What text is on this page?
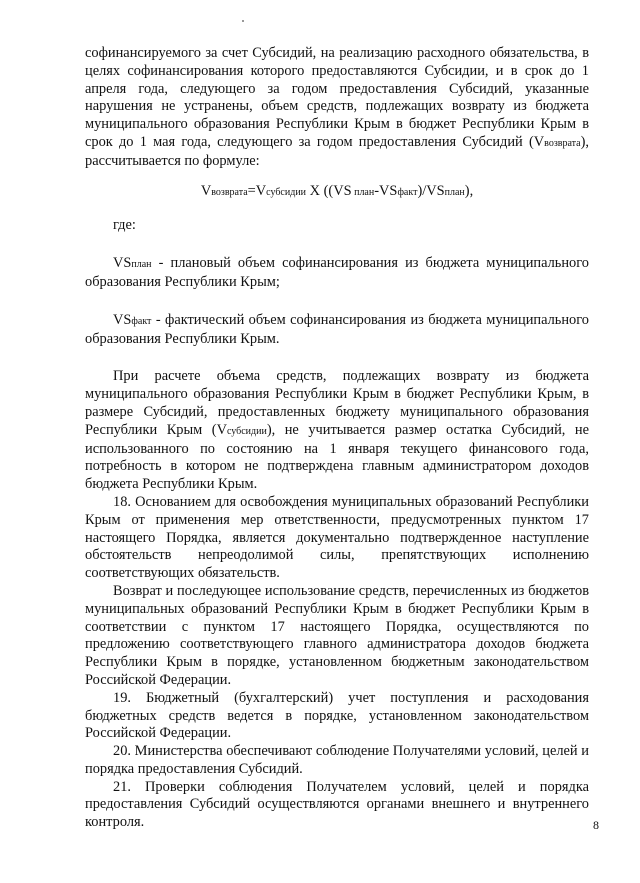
софинансируемого за счет Субсидий, на реализацию расходного обязательства, в целях софинансирования которого предоставляются Субсидии, и в срок до 1 апреля года, следующего за годом предоставления Субсидий, указанные нарушения не устранены, объем средств, подлежащих возврату из бюджета муниципального образования Республики Крым в бюджет Республики Крым в срок до 1 мая года, следующего за годом предоставления Субсидий (Vвозврата), рассчитывается по формуле:

Vвозврата=Vсубсидии X ((VS план-VSфакт)/VSплан),

где:

VSплан - плановый объем софинансирования из бюджета муниципального образования Республики Крым;

VSфакт - фактический объем софинансирования из бюджета муниципального образования Республики Крым.

При расчете объема средств, подлежащих возврату из бюджета муниципального образования Республики Крым в бюджет Республики Крым, в размере Субсидий, предоставленных бюджету муниципального образования Республики Крым (Vсубсидии), не учитывается размер остатка Субсидий, не использованного по состоянию на 1 января текущего финансового года, потребность в котором не подтверждена главным администратором доходов бюджета Республики Крым.

18. Основанием для освобождения муниципальных образований Республики Крым от применения мер ответственности, предусмотренных пунктом 17 настоящего Порядка, является документально подтвержденное наступление обстоятельств непреодолимой силы, препятствующих исполнению соответствующих обязательств.

Возврат и последующее использование средств, перечисленных из бюджетов муниципальных образований Республики Крым в бюджет Республики Крым в соответствии с пунктом 17 настоящего Порядка, осуществляются по предложению соответствующего главного администратора доходов бюджета Республики Крым в порядке, установленном бюджетным законодательством Российской Федерации.

19. Бюджетный (бухгалтерский) учет поступления и расходования бюджетных средств ведется в порядке, установленном законодательством Российской Федерации.

20. Министерства обеспечивают соблюдение Получателями условий, целей и порядка предоставления Субсидий.

21. Проверки соблюдения Получателем условий, целей и порядка предоставления Субсидий осуществляются органами внешнего и внутреннего контроля.	8
